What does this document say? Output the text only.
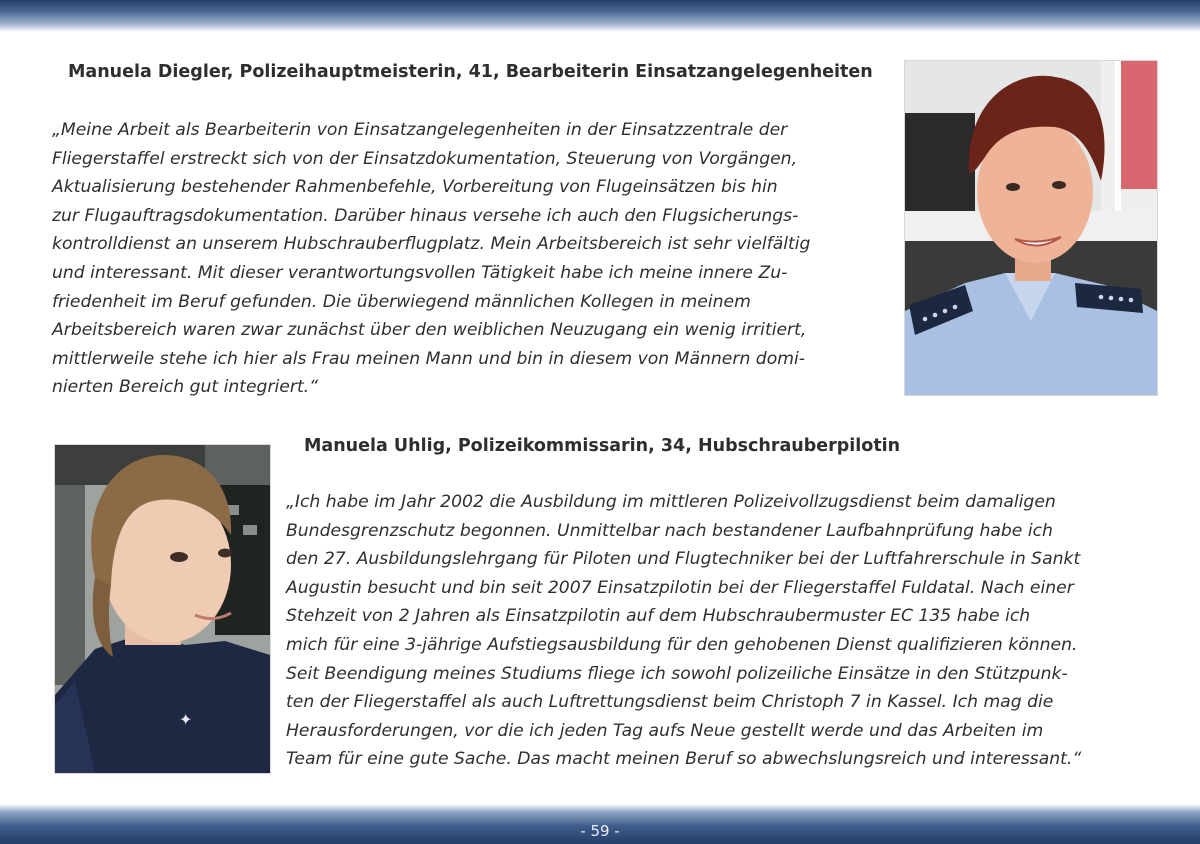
Manuela Diegler, Polizeihauptmeisterin, 41, Bearbeiterin Einsatzangelegenheiten

„Meine Arbeit als Bearbeiterin von Einsatzangelegenheiten in der Einsatzzentrale der
Fliegerstaffel erstreckt sich von der Einsatzdokumentation, Steuerung von Vorgängen,
Aktualisierung bestehender Rahmenbefehle, Vorbereitung von Flugeinsätzen bis hin
zur Flugauftragsdokumentation. Darüber hinaus versehe ich auch den Flugsicherungs-
kontrolldienst an unserem Hubschrauberflugplatz. Mein Arbeitsbereich ist sehr vielfältig
und interessant. Mit dieser verantwortungsvollen Tätigkeit habe ich meine innere Zu-
friedenheit im Beruf gefunden. Die überwiegend männlichen Kollegen in meinem
Arbeitsbereich waren zwar zunächst über den weiblichen Neuzugang ein wenig irritiert,
mittlerweile stehe ich hier als Frau meinen Mann und bin in diesem von Männern domi-
nierten Bereich gut integriert.“

✦
Manuela Uhlig, Polizeikommissarin, 34, Hubschrauberpilotin

„Ich habe im Jahr 2002 die Ausbildung im mittleren Polizeivollzugsdienst beim damaligen
Bundesgrenzschutz begonnen. Unmittelbar nach bestandener Laufbahnprüfung habe ich
den 27. Ausbildungslehrgang für Piloten und Flugtechniker bei der Luftfahrerschule in Sankt
Augustin besucht und bin seit 2007 Einsatzpilotin bei der Fliegerstaffel Fuldatal. Nach einer
Stehzeit von 2 Jahren als Einsatzpilotin auf dem Hubschraubermuster EC 135 habe ich
mich für eine 3-jährige Aufstiegsausbildung für den gehobenen Dienst qualifizieren können.
Seit Beendigung meines Studiums fliege ich sowohl polizeiliche Einsätze in den Stützpunk-
ten der Fliegerstaffel als auch Luftrettungsdienst beim Christoph 7 in Kassel. Ich mag die
Herausforderungen, vor die ich jeden Tag aufs Neue gestellt werde und das Arbeiten im
Team für eine gute Sache. Das macht meinen Beruf so abwechslungsreich und interessant.“

- 59 -
